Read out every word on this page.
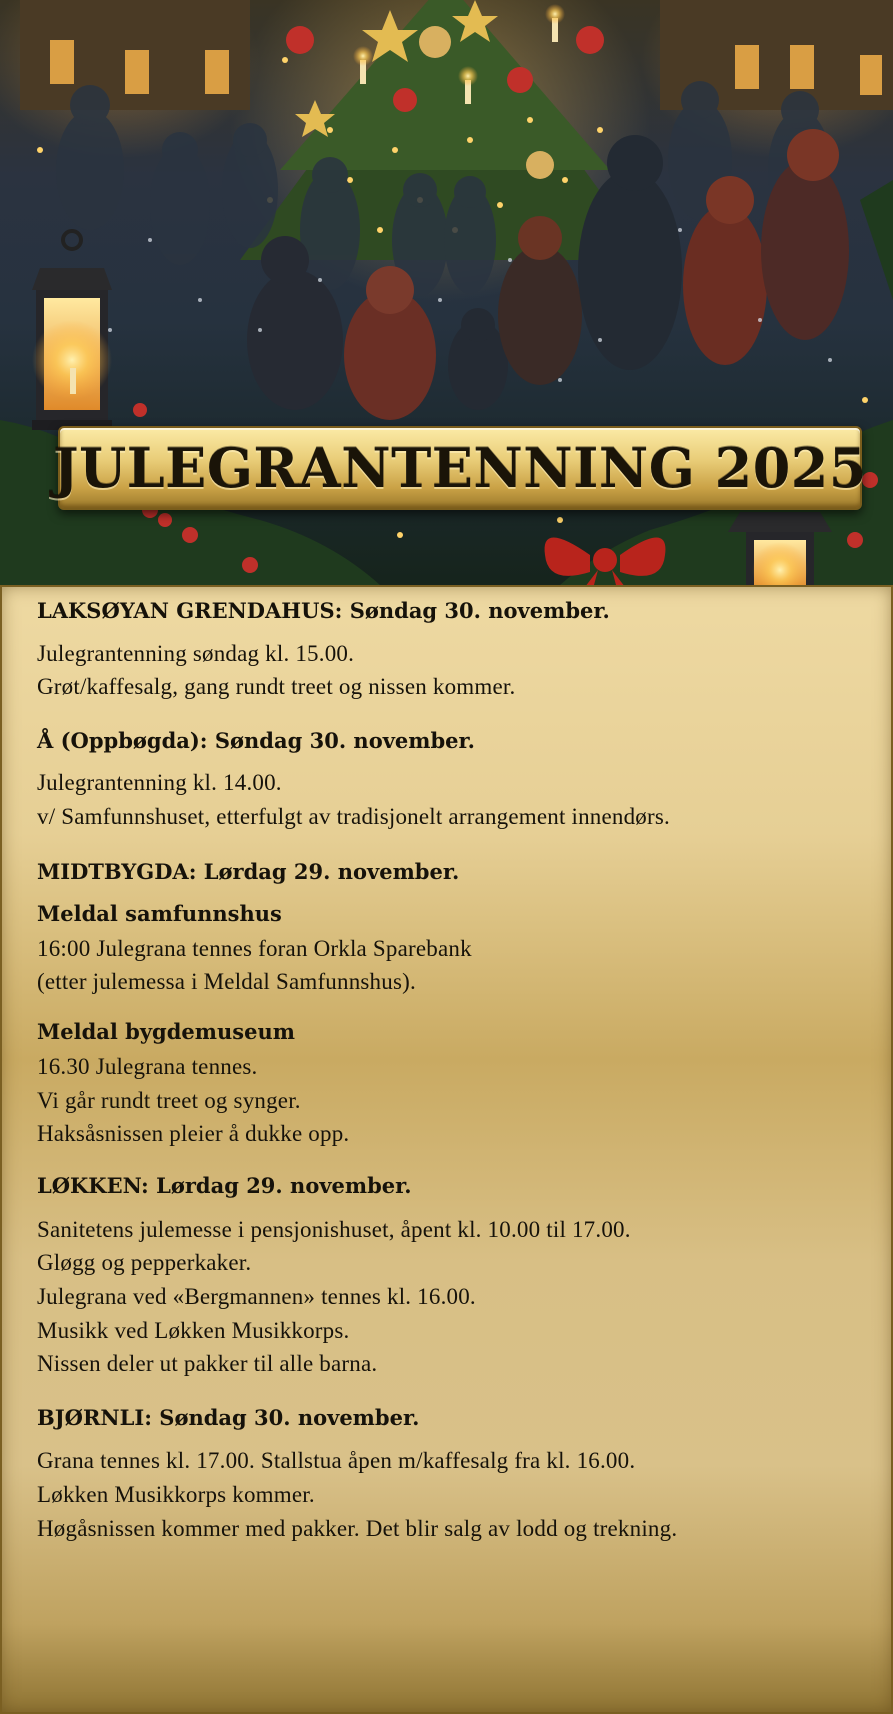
JULEGRANTENNING 2025
LAKSØYAN GRENDAHUS: Søndag 30. november.
Julegrantenning søndag kl. 15.00.
Grøt/kaffesalg, gang rundt treet og nissen kommer.
Å (Oppbøgda): Søndag 30. november.
Julegrantenning kl. 14.00.
v/ Samfunnshuset, etterfulgt av tradisjonelt arrangement innendørs.
MIDTBYGDA: Lørdag 29. november.
Meldal samfunnshus
16:00 Julegrana tennes foran Orkla Sparebank
(etter julemessa i Meldal Samfunnshus).
Meldal bygdemuseum
16.30 Julegrana tennes.
Vi går rundt treet og synger.
Haksåsnissen pleier å dukke opp.
LØKKEN: Lørdag 29. november.
Sanitetens julemesse i pensjonishuset, åpent kl. 10.00 til 17.00.
Gløgg og pepperkaker.
Julegrana ved «Bergmannen» tennes kl. 16.00.
Musikk ved Løkken Musikkorps.
Nissen deler ut pakker til alle barna.
BJØRNLI: Søndag 30. november.
Grana tennes kl. 17.00. Stallstua åpen m/kaffesalg fra kl. 16.00.
Løkken Musikkorps kommer.
Høgåsnissen kommer med pakker. Det blir salg av lodd og trekning.
